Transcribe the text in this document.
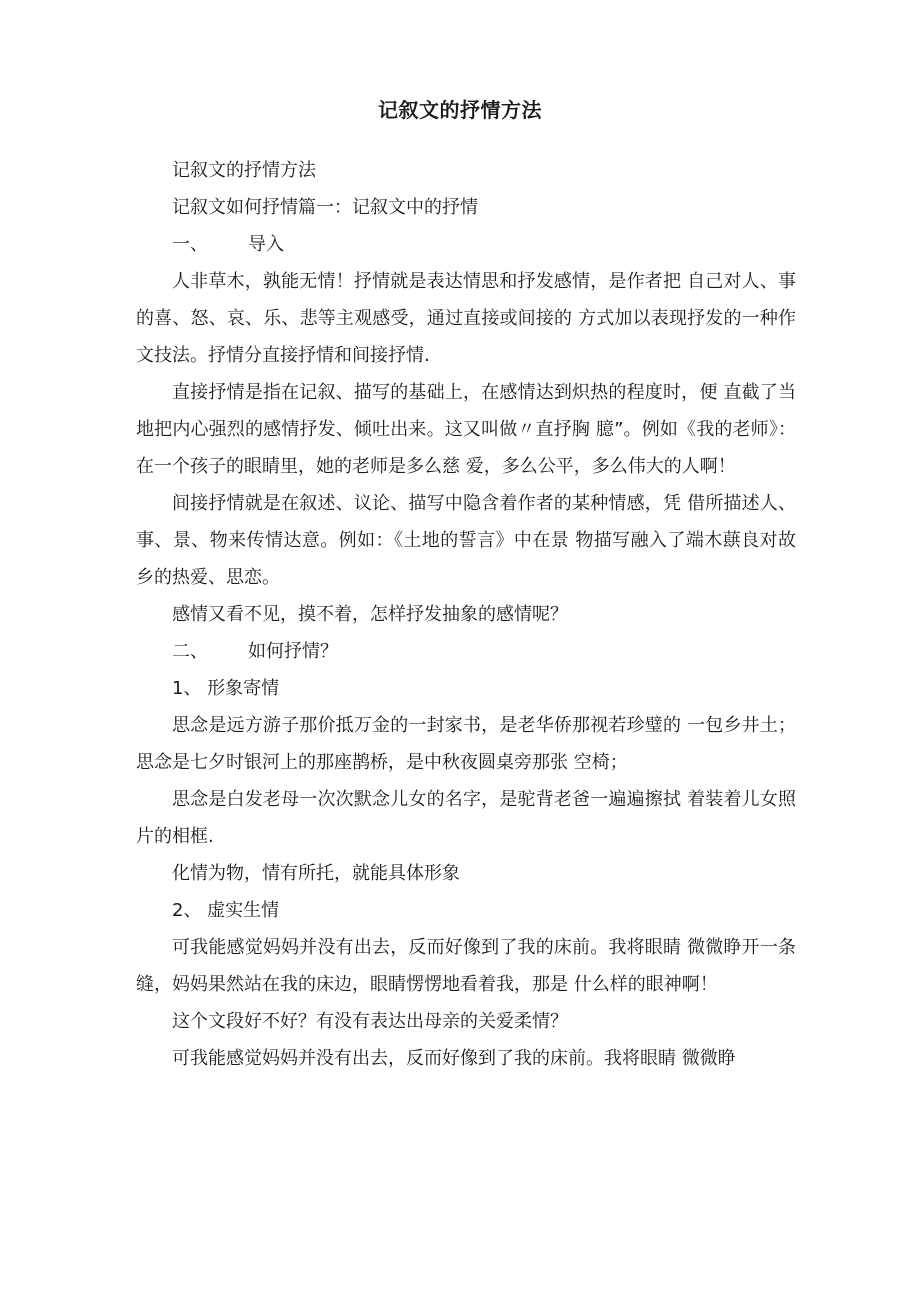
记叙文的抒情方法

记叙文的抒情方法

记叙文如何抒情篇一：记叙文中的抒情

一、 导入

人非草木，孰能无情！抒情就是表达情思和抒发感情，是作者把 自己对人、事的喜、怒、哀、乐、悲等主观感受，通过直接或间接的 方式加以表现抒发的一种作文技法。抒情分直接抒情和间接抒情.

直接抒情是指在记叙、描写的基础上，在感情达到炽热的程度时，便 直截了当地把内心强烈的感情抒发、倾吐出来。这又叫做〃直抒胸 臆”。例如《我的老师》：在一个孩子的眼睛里，她的老师是多么慈 爱，多么公平，多么伟大的人啊！

间接抒情就是在叙述、议论、描写中隐含着作者的某种情感，凭 借所描述人、事、景、物来传情达意。例如：《土地的誓言》中在景 物描写融入了端木蕻良对故乡的热爱、思恋。

感情又看不见，摸不着，怎样抒发抽象的感情呢？

二、 如何抒情？

1、 形象寄情

思念是远方游子那价抵万金的一封家书，是老华侨那视若珍璧的 一包乡井土；思念是七夕时银河上的那座鹊桥，是中秋夜圆桌旁那张 空椅；

思念是白发老母一次次默念儿女的名字，是驼背老爸一遍遍擦拭 着装着儿女照片的相框.

化情为物，情有所托，就能具体形象

2、 虚实生情

可我能感觉妈妈并没有出去，反而好像到了我的床前。我将眼睛 微微睁开一条缝，妈妈果然站在我的床边，眼睛愣愣地看着我，那是 什么样的眼神啊！

这个文段好不好？有没有表达出母亲的关爱柔情？

可我能感觉妈妈并没有出去，反而好像到了我的床前。我将眼睛 微微睁
